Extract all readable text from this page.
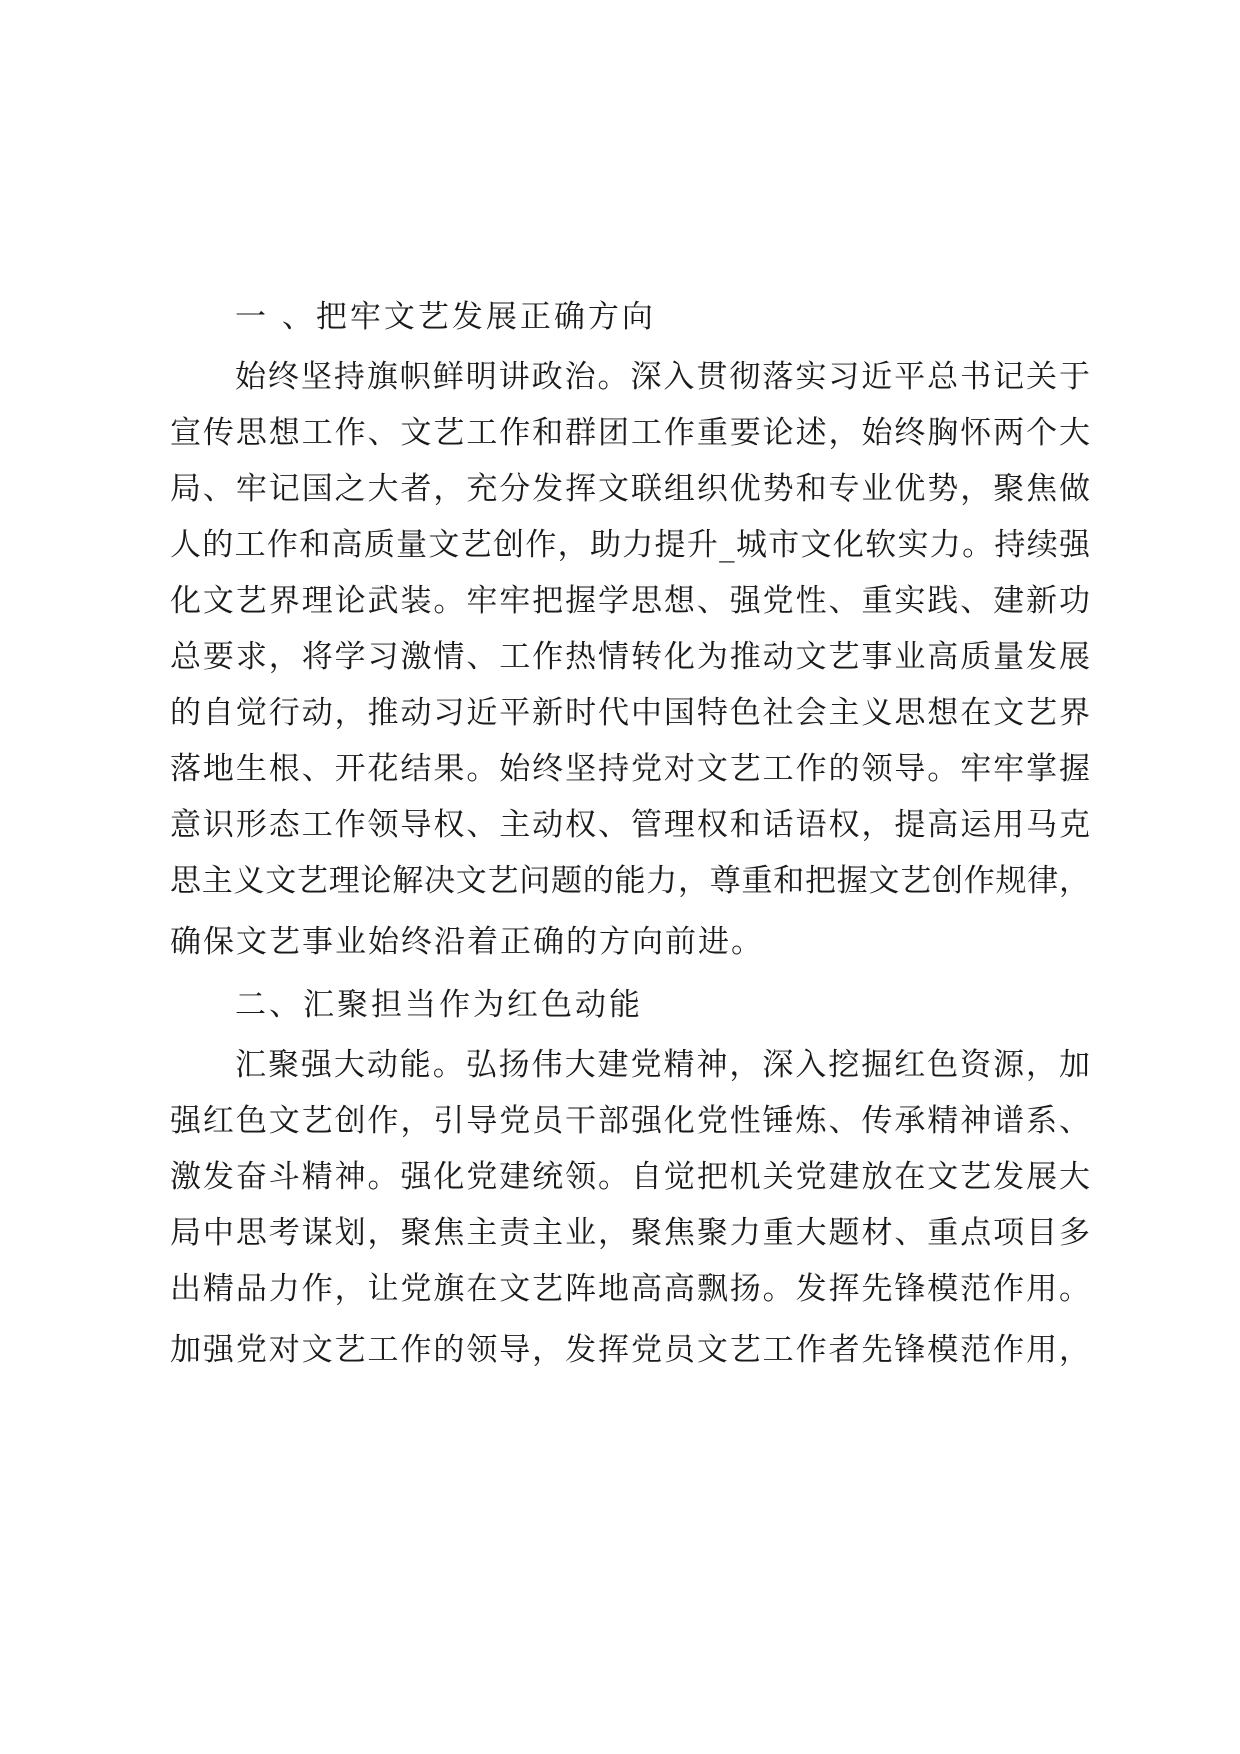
一 、把牢文艺发展正确方向
始终坚持旗帜鲜明讲政治。深入贯彻落实习近平总书记关于
宣传思想工作、文艺工作和群团工作重要论述，始终胸怀两个大
局、牢记国之大者，充分发挥文联组织优势和专业优势，聚焦做
人的工作和高质量文艺创作，助力提升_城市文化软实力。持续强
化文艺界理论武装。牢牢把握学思想、强党性、重实践、建新功
总要求，将学习激情、工作热情转化为推动文艺事业高质量发展
的自觉行动，推动习近平新时代中国特色社会主义思想在文艺界
落地生根、开花结果。始终坚持党对文艺工作的领导。牢牢掌握
意识形态工作领导权、主动权、管理权和话语权，提高运用马克
思主义文艺理论解决文艺问题的能力，尊重和把握文艺创作规律，
确保文艺事业始终沿着正确的方向前进。
二、汇聚担当作为红色动能
汇聚强大动能。弘扬伟大建党精神，深入挖掘红色资源，加
强红色文艺创作，引导党员干部强化党性锤炼、传承精神谱系、
激发奋斗精神。强化党建统领。自觉把机关党建放在文艺发展大
局中思考谋划，聚焦主责主业，聚焦聚力重大题材、重点项目多
出精品力作，让党旗在文艺阵地高高飘扬。发挥先锋模范作用。
加强党对文艺工作的领导，发挥党员文艺工作者先锋模范作用，
